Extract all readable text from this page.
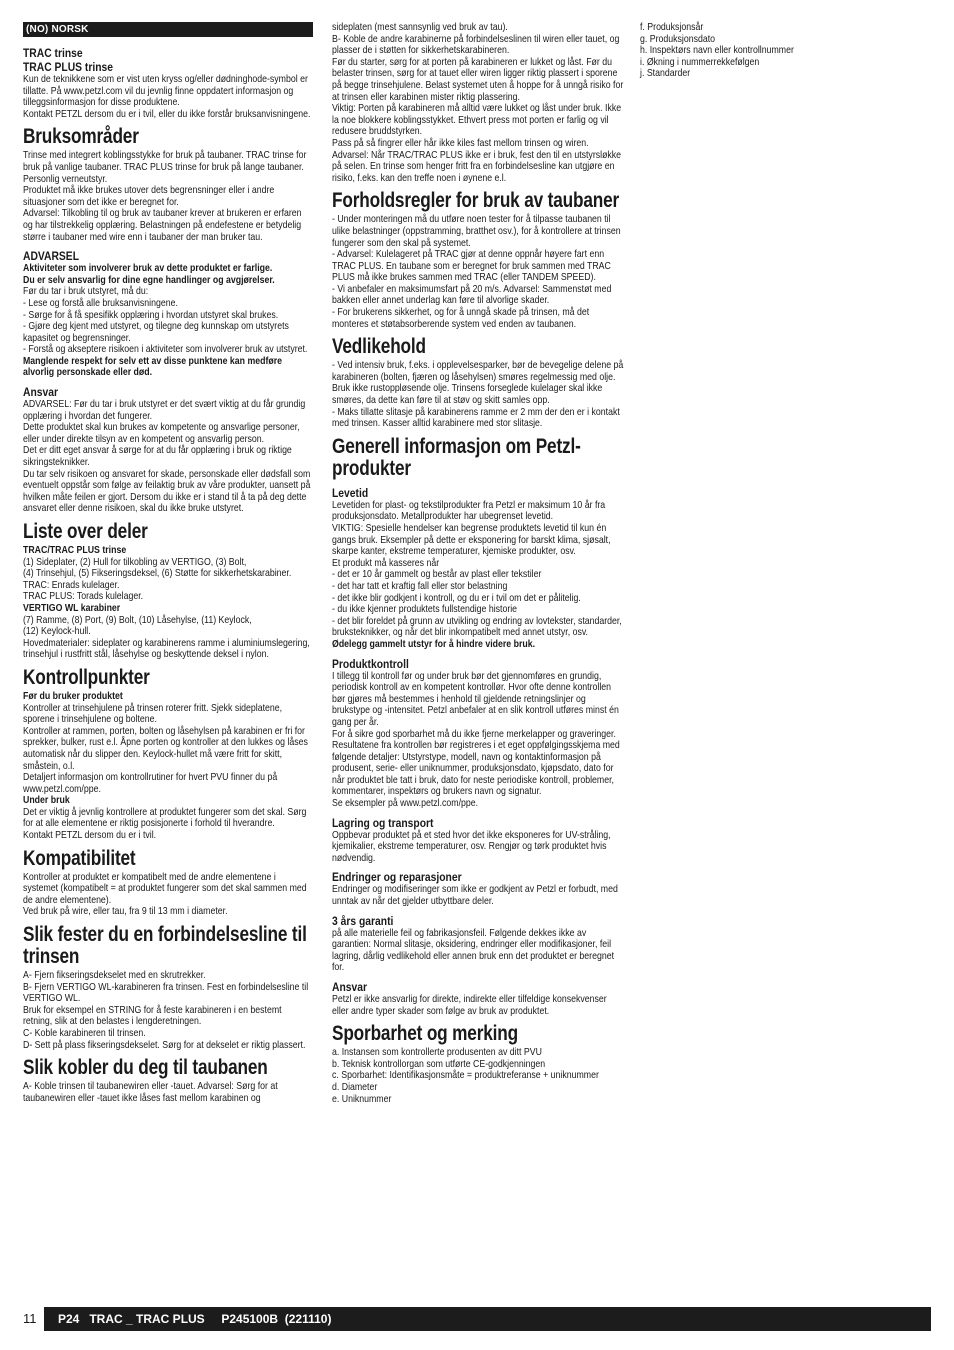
(NO) NORSK
TRAC trinse
TRAC PLUS trinse

Kun de teknikkene som er vist uten kryss og/eller dødninghode-symbol er tillatte. På www.petzl.com vil du jevnlig finne oppdatert informasjon og tilleggsinformasjon for disse produktene.
Kontakt PETZL dersom du er i tvil, eller du ikke forstår bruksanvisningene.

Bruksområder

Trinse med integrert koblingsstykke for bruk på taubaner. TRAC trinse for bruk på vanlige taubaner. TRAC PLUS trinse for bruk på lange taubaner.
Personlig verneutstyr.
Produktet må ikke brukes utover dets begrensninger eller i andre situasjoner som det ikke er beregnet for.
Advarsel: Tilkobling til og bruk av taubaner krever at brukeren er erfaren og har tilstrekkelig opplæring. Belastningen på endefestene er betydelig større i taubaner med wire enn i taubaner der man bruker tau.

ADVARSEL

Aktiviteter som involverer bruk av dette produktet er farlige.
Du er selv ansvarlig for dine egne handlinger og avgjørelser.

Før du tar i bruk utstyret, må du:
- Lese og forstå alle bruksanvisningene.
- Sørge for å få spesifikk opplæring i hvordan utstyret skal brukes.
- Gjøre deg kjent med utstyret, og tilegne deg kunnskap om utstyrets kapasitet og begrensninger.
- Forstå og akseptere risikoen i aktiviteter som involverer bruk av utstyret.

Manglende respekt for selv ett av disse punktene kan medføre alvorlig personskade eller død.

Ansvar

ADVARSEL: Før du tar i bruk utstyret er det svært viktig at du får grundig opplæring i hvordan det fungerer.
Dette produktet skal kun brukes av kompetente og ansvarlige personer, eller under direkte tilsyn av en kompetent og ansvarlig person.
Det er ditt eget ansvar å sørge for at du får opplæring i bruk og riktige sikringsteknikker.
Du tar selv risikoen og ansvaret for skade, personskade eller dødsfall som eventuelt oppstår som følge av feilaktig bruk av våre produkter, uansett på hvilken måte feilen er gjort. Dersom du ikke er i stand til å ta på deg dette ansvaret eller denne risikoen, skal du ikke bruke utstyret.

Liste over deler

TRAC/TRAC PLUS trinse

(1) Sideplater, (2) Hull for tilkobling av VERTIGO, (3) Bolt,
(4) Trinsehjul, (5) Fikseringsdeksel, (6) Støtte for sikkerhetskarabiner.
TRAC: Enrads kulelager.
TRAC PLUS: Torads kulelager.

VERTIGO WL karabiner

(7) Ramme, (8) Port, (9) Bolt, (10) Låsehylse, (11) Keylock,
(12) Keylock-hull.
Hovedmaterialer: sideplater og karabinerens ramme i aluminiumslegering, trinsehjul i rustfritt stål, låsehylse og beskyttende deksel i nylon.

Kontrollpunkter

Før du bruker produktet

Kontroller at trinsehjulene på trinsen roterer fritt. Sjekk sideplatene, sporene i trinsehjulene og boltene.
Kontroller at rammen, porten, bolten og låsehylsen på karabinen er fri for sprekker, bulker, rust e.l. Åpne porten og kontroller at den lukkes og låses automatisk når du slipper den. Keylock-hullet må være fritt for skitt, småstein, o.l.
Detaljert informasjon om kontrollrutiner for hvert PVU finner du på www.petzl.com/ppe.

Under bruk

Det er viktig å jevnlig kontrollere at produktet fungerer som det skal. Sørg for at alle elementene er riktig posisjonerte i forhold til hverandre.
Kontakt PETZL dersom du er i tvil.

Kompatibilitet

Kontroller at produktet er kompatibelt med de andre elementene i systemet (kompatibelt = at produktet fungerer som det skal sammen med de andre elementene).
Ved bruk på wire, eller tau, fra 9 til 13 mm i diameter.

Slik fester du en forbindelsesline til trinsen

A- Fjern fikseringsdekselet med en skrutrekker.
B- Fjern VERTIGO WL-karabineren fra trinsen. Fest en forbindelsesline til VERTIGO WL.
Bruk for eksempel en STRING for å feste karabineren i en bestemt retning, slik at den belastes i lengderetningen.
C- Koble karabineren til trinsen.
D- Sett på plass fikseringsdekselet. Sørg for at dekselet er riktig plassert.

Slik kobler du deg til taubanen

A- Koble trinsen til taubanewiren eller -tauet. Advarsel: Sørg for at taubanewiren eller -tauet ikke låses fast mellom karabinen og

sideplaten (mest sannsynlig ved bruk av tau).
B- Koble de andre karabinerne på forbindelseslinen til wiren eller tauet, og plasser de i støtten for sikkerhetskarabineren.
Før du starter, sørg for at porten på karabineren er lukket og låst. Før du belaster trinsen, sørg for at tauet eller wiren ligger riktig plassert i sporene på begge trinsehjulene. Belast systemet uten å hoppe for å unngå risiko for at trinsen eller karabinen mister riktig plassering.
Viktig: Porten på karabineren må alltid være lukket og låst under bruk. Ikke la noe blokkere koblingsstykket. Ethvert press mot porten er farlig og vil redusere bruddstyrken.
Pass på så fingrer eller hår ikke kiles fast mellom trinsen og wiren.
Advarsel: Når TRAC/TRAC PLUS ikke er i bruk, fest den til en utstyrsløkke på selen. En trinse som henger fritt fra en forbindelsesline kan utgjøre en risiko, f.eks. kan den treffe noen i øynene e.l.

Forholdsregler for bruk av taubaner

- Under monteringen må du utføre noen tester for å tilpasse taubanen til ulike belastninger (oppstramming, bratthet osv.), for å kontrollere at trinsen fungerer som den skal på systemet.
- Advarsel: Kulelageret på TRAC gjør at denne oppnår høyere fart enn TRAC PLUS. En taubane som er beregnet for bruk sammen med TRAC PLUS må ikke brukes sammen med TRAC (eller TANDEM SPEED).
- Vi anbefaler en maksimumsfart på 20 m/s. Advarsel: Sammenstøt med bakken eller annet underlag kan føre til alvorlige skader.
- For brukerens sikkerhet, og for å unngå skade på trinsen, må det monteres et støtabsorberende system ved enden av taubanen.

Vedlikehold

- Ved intensiv bruk, f.eks. i opplevelsesparker, bør de bevegelige delene på karabineren (bolten, fjæren og låsehylsen) smøres regelmessig med olje.
Bruk ikke rustoppløsende olje. Trinsens forseglede kulelager skal ikke smøres, da dette kan føre til at støv og skitt samles opp.
- Maks tillatte slitasje på karabinerens ramme er 2 mm der den er i kontakt med trinsen. Kasser alltid karabinere med stor slitasje.

Generell informasjon om Petzl-produkter
Levetid

Levetiden for plast- og tekstilprodukter fra Petzl er maksimum 10 år fra produksjonsdato. Metallprodukter har ubegrenset levetid.
VIKTIG: Spesielle hendelser kan begrense produktets levetid til kun én gangs bruk. Eksempler på dette er eksponering for barskt klima, sjøsalt, skarpe kanter, ekstreme temperaturer, kjemiske produkter, osv.
Et produkt må kasseres når
- det er 10 år gammelt og består av plast eller tekstiler
- det har tatt et kraftig fall eller stor belastning
- det ikke blir godkjent i kontroll, og du er i tvil om det er pålitelig.
- du ikke kjenner produktets fullstendige historie
- det blir foreldet på grunn av utvikling og endring av lovtekster, standarder, bruksteknikker, og når det blir inkompatibelt med annet utstyr, osv.

Ødelegg gammelt utstyr for å hindre videre bruk.

Produktkontroll

I tillegg til kontroll før og under bruk bør det gjennomføres en grundig, periodisk kontroll av en kompetent kontrollør. Hvor ofte denne kontrollen bør gjøres må bestemmes i henhold til gjeldende retningslinjer og brukstype og -intensitet. Petzl anbefaler at en slik kontroll utføres minst én gang per år.
For å sikre god sporbarhet må du ikke fjerne merkelapper og graveringer.
Resultatene fra kontrollen bør registreres i et eget oppfølgingsskjema med følgende detaljer: Utstyrstype, modell, navn og kontaktinformasjon på produsent, serie- eller uniknummer, produksjonsdato, kjøpsdato, dato for når produktet ble tatt i bruk, dato for neste periodiske kontroll, problemer, kommentarer, inspektørs og brukers navn og signatur.
Se eksempler på www.petzl.com/ppe.

Lagring og transport

Oppbevar produktet på et sted hvor det ikke eksponeres for UV-stråling, kjemikalier, ekstreme temperaturer, osv. Rengjør og tørk produktet hvis nødvendig.

Endringer og reparasjoner

Endringer og modifiseringer som ikke er godkjent av Petzl er forbudt, med unntak av når det gjelder utbyttbare deler.

3 års garanti

på alle materielle feil og fabrikasjonsfeil. Følgende dekkes ikke av garantien: Normal slitasje, oksidering, endringer eller modifikasjoner, feil lagring, dårlig vedlikehold eller annen bruk enn det produktet er beregnet for.

Ansvar

Petzl er ikke ansvarlig for direkte, indirekte eller tilfeldige konsekvenser eller andre typer skader som følge av bruk av produktet.

Sporbarhet og merking

a. Instansen som kontrollerte produsenten av ditt PVU
b. Teknisk kontrollorgan som utførte CE-godkjenningen
c. Sporbarhet: Identifikasjonsmåte = produktreferanse + uniknummer
d. Diameter
e. Uniknummer

f. Produksjonsår
g. Produksjonsdato
h. Inspektørs navn eller kontrollnummer
i. Økning i nummerrekkefølgen
j. Standarder

11	P24   TRAC _ TRAC PLUS     P245100B  (221110)
